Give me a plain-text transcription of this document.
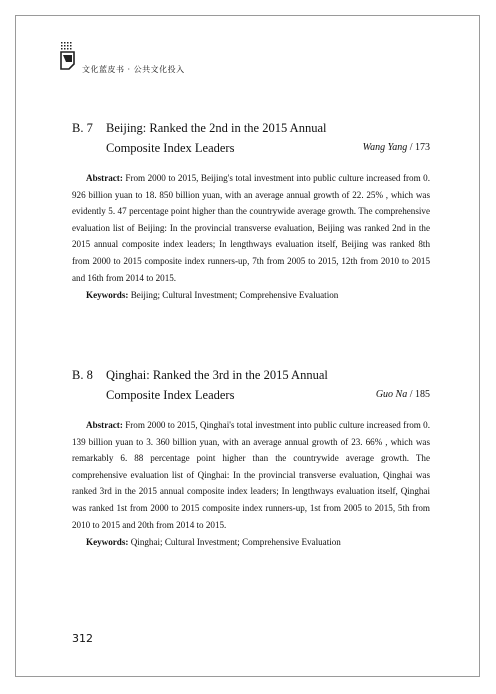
文化蓝皮书 · 公共文化投入
B. 7 Beijing: Ranked the 2nd in the 2015 Annual
Composite Index Leaders	Wang Yang / 173
Abstract: From 2000 to 2015, Beijing's total investment into public culture increased from 0. 926 billion yuan to 18. 850 billion yuan, with an average annual growth of 22. 25% , which was evidently 5. 47 percentage point higher than the countrywide average growth. The comprehensive evaluation list of Beijing: In the provincial transverse evaluation, Beijing was ranked 2nd in the 2015 annual composite index leaders; In lengthways evaluation itself, Beijing was ranked 8th from 2000 to 2015 composite index runners-up, 7th from 2005 to 2015, 12th from 2010 to 2015 and 16th from 2014 to 2015.
Keywords: Beijing; Cultural Investment; Comprehensive Evaluation
B. 8 Qinghai: Ranked the 3rd in the 2015 Annual
Composite Index Leaders	Guo Na / 185
Abstract: From 2000 to 2015, Qinghai's total investment into public culture increased from 0. 139 billion yuan to 3. 360 billion yuan, with an average annual growth of 23. 66% , which was remarkably 6. 88 percentage point higher than the countrywide average growth. The comprehensive evaluation list of Qinghai: In the provincial transverse evaluation, Qinghai was ranked 3rd in the 2015 annual composite index leaders; In lengthways evaluation itself, Qinghai was ranked 1st from 2000 to 2015 composite index runners-up, 1st from 2005 to 2015, 5th from 2010 to 2015 and 20th from 2014 to 2015.
Keywords: Qinghai; Cultural Investment; Comprehensive Evaluation
312
